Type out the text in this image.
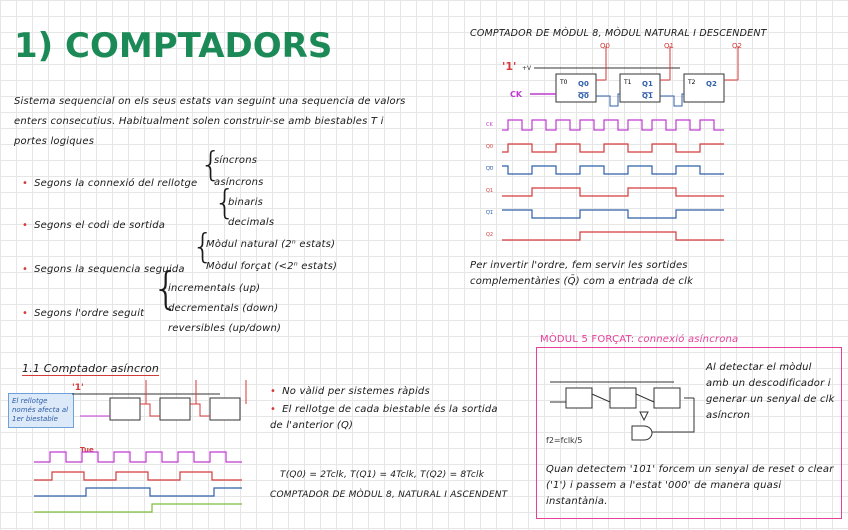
1) COMPTADORS
Sistema sequencial on els seus estats van seguint una sequencia de valors enters consecutius. Habitualment solen construir-se amb biestables T i portes logiques
• Segons la connexió del rellotge {
síncrons
asíncrons
• Segons el codi de sortida
{
binaris
decimals
• Segons la sequencia seguida
{
Mòdul natural (2ⁿ estats)
Mòdul forçat (<2ⁿ estats)
• Segons l'ordre seguit {
incrementals (up)
decrementals (down)
reversibles (up/down)
COMPTADOR DE MÒDUL 8, MÒDUL NATURAL I DESCENDENT
'1' +V
T0	T1	T2
Q0	Q1	Q2
Q0	Q1
CK
Q0	Q1	Q2
CK
Q0
Q0
Q1
Q1
Q2
Per invertir l'ordre, fem servir les sortides complementàries (Q̄) com a entrada de clk
1.1 Comptador asíncron
El rellotge només afecta al 1er biestable
'1'
Tue
• No vàlid per sistemes ràpids
• El rellotge de cada biestable és la sortida de l'anterior (Q)
T(Q0) = 2Tclk, T(Q1) = 4Tclk, T(Q2) = 8Tclk
COMPTADOR DE MÒDUL 8, NATURAL I ASCENDENT
MÒDUL 5 FORÇAT: connexió asíncrona
f2=fclk/5
Al detectar el mòdul amb un descodificador i generar un senyal de clk asíncron
Quan detectem '101' forcem un senyal de reset o clear ('1') i passem a l'estat '000' de manera quasi instantània.
